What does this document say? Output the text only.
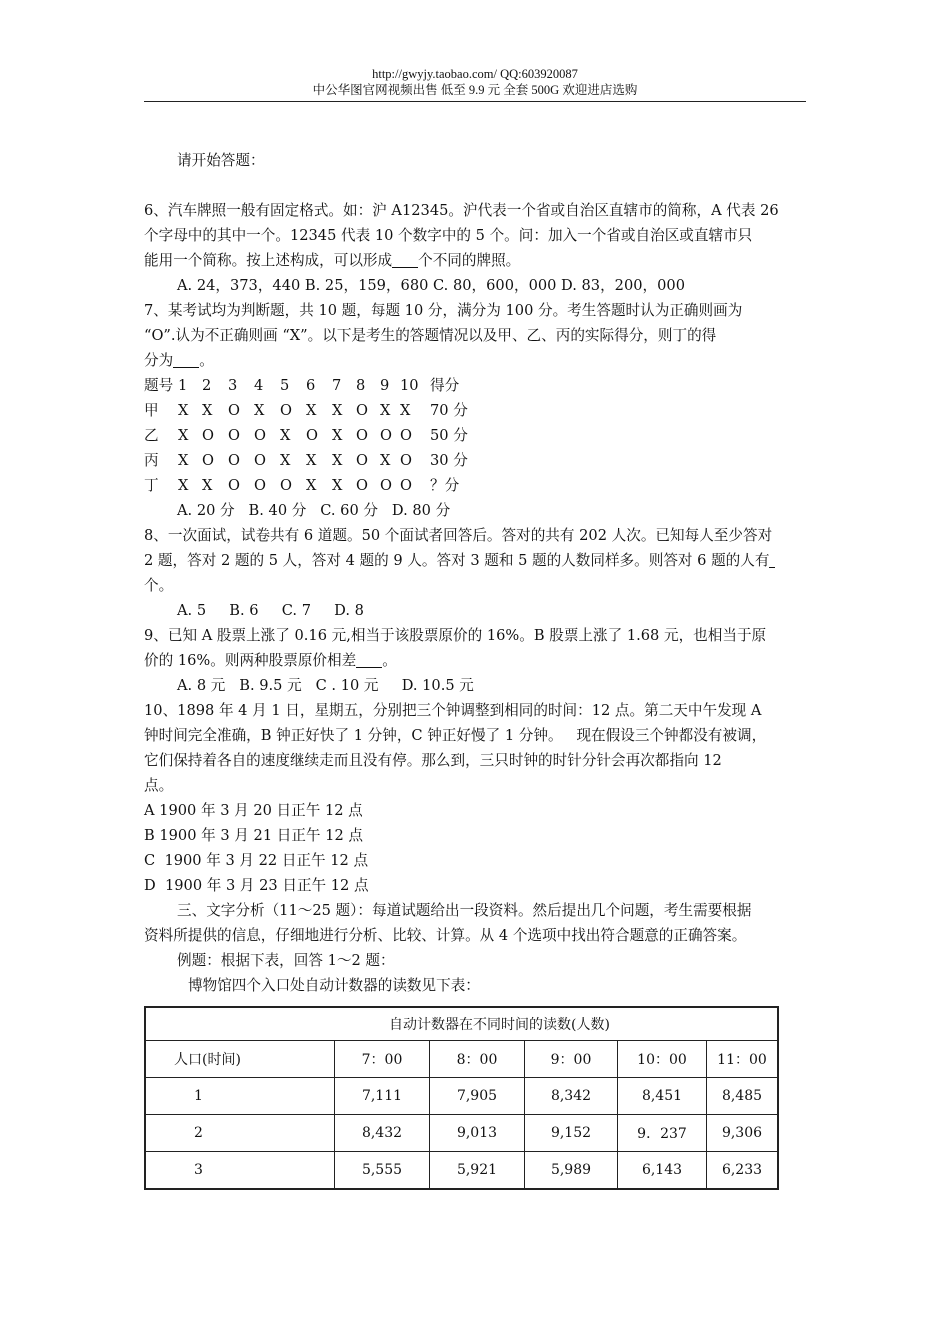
http://gwyjy.taobao.com/ QQ:603920087
中公华图官网视频出售 低至 9.9 元 全套 500G 欢迎进店选购
请开始答题：
6、汽车牌照一般有固定格式。如：沪 A12345。沪代表一个省或自治区直辖市的简称，A 代表 26
个字母中的其中一个。12345 代表 10 个数字中的 5 个。问：加入一个省或自治区或直辖市只
能用一个简称。按上述构成，可以形成 个不同的牌照。
A. 24，373，440 B. 25，159，680 C. 80，600，000 D. 83，200，000
7、某考试均为判断题，共 10 题，每题 10 分，满分为 100 分。考生答题时认为正确则画为
“O”.认为不正确则画 “X”。以下是考生的答题情况以及甲、乙、丙的实际得分，则丁的得
分为 。
题号 1 2 3 4 5 6 7 8 9 10 得分
甲 X X O X O X X O X X 70 分
乙 X O O O X O X O O O 50 分
丙 X O O O X X X O X O 30 分
丁 X X O O O X X O O O ？分
A. 20 分   B. 40 分   C. 60 分   D. 80 分
8、一次面试，试卷共有 6 道题。50 个面试者回答后。答对的共有 202 人次。已知每人至少答对
2 题，答对 2 题的 5 人，答对 4 题的 9 人。答对 3 题和 5 题的人数同样多。则答对 6 题的人有
个。
A. 5     B. 6     C. 7     D. 8
9、已知 A 股票上涨了 0.16 元,相当于该股票原价的 16%。B 股票上涨了 1.68 元，也相当于原
价的 16%。则两种股票原价相差 。
A. 8 元   B. 9.5 元   C . 10 元     D. 10.5 元
10、1898 年 4 月 1 日，星期五，分别把三个钟调整到相同的时间：12 点。第二天中午发现 A
钟时间完全准确，B 钟正好快了 1 分钟，C 钟正好慢了 1 分钟。   现在假设三个钟都没有被调，
它们保持着各自的速度继续走而且没有停。那么到，三只时钟的时针分针会再次都指向 12
点。
A 1900 年 3 月 20 日正午 12 点
B 1900 年 3 月 21 日正午 12 点
C  1900 年 3 月 22 日正午 12 点
D  1900 年 3 月 23 日正午 12 点
三、文字分析（11～25 题）：每道试题给出一段资料。然后提出几个问题，考生需要根据
资料所提供的信息，仔细地进行分析、比较、计算。从 4 个选项中找出符合题意的正确答案。
例题：根据下表，回答 1～2 题：
博物馆四个入口处自动计数器的读数见下表：
自动计数器在不同时间的读数(人数)					
人口(时间)	7：00	8：00	9：00	10：00	11：00
1	7,111	7,905	8,342	8,451	8,485
2	8,432	9,013	9,152	9．237	9,306
3	5,555	5,921	5,989	6,143	6,233
